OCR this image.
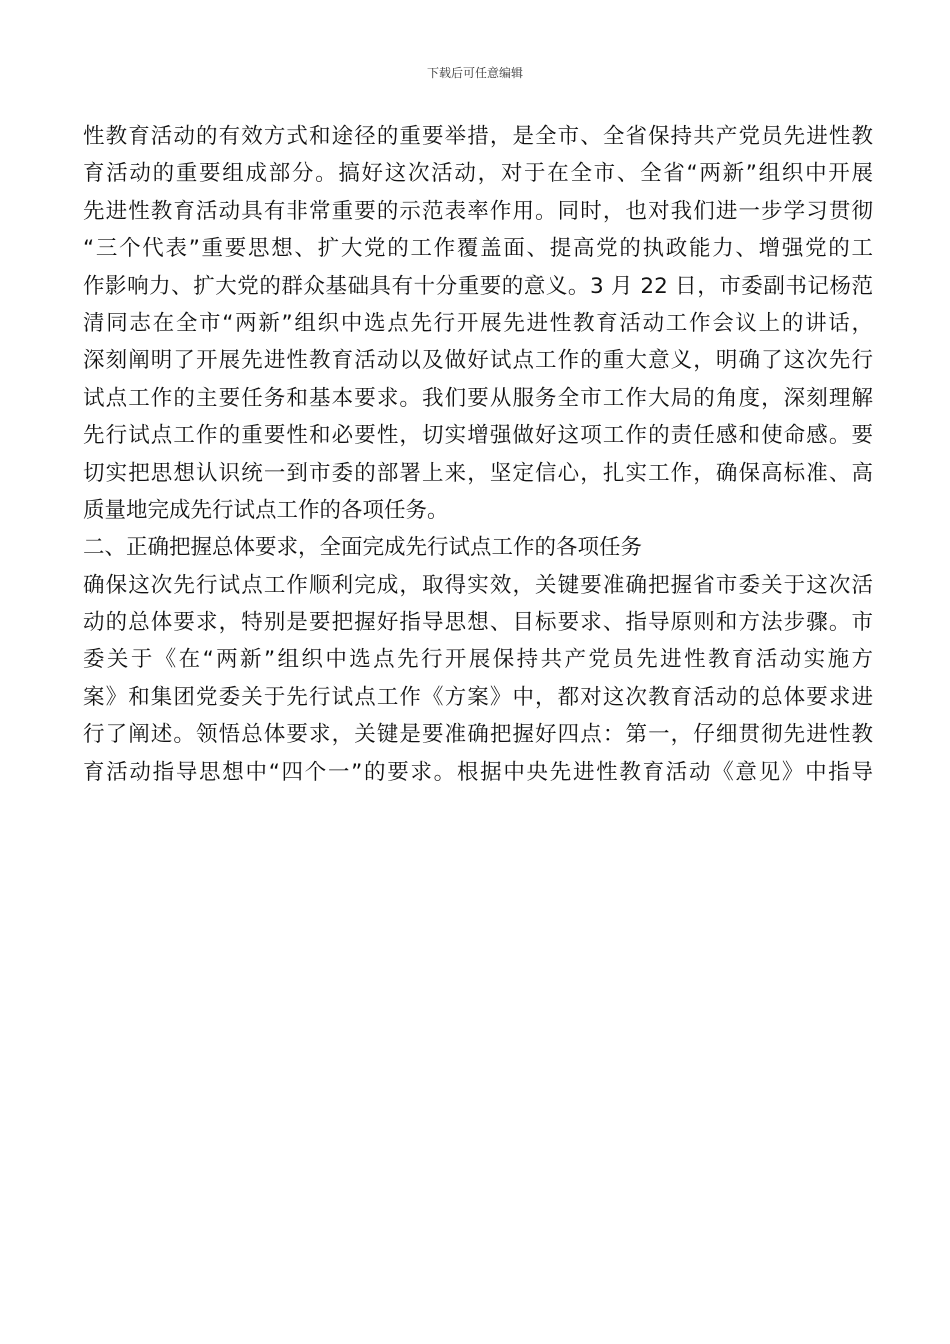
下载后可任意编辑

性教育活动的有效方式和途径的重要举措，是全市、全省保持共产党员先进性教

育活动的重要组成部分。搞好这次活动，对于在全市、全省“两新”组织中开展

先进性教育活动具有非常重要的示范表率作用。同时，也对我们进一步学习贯彻

“三个代表”重要思想、扩大党的工作覆盖面、提高党的执政能力、增强党的工

作影响力、扩大党的群众基础具有十分重要的意义。3 月 22 日，市委副书记杨范

清同志在全市“两新”组织中选点先行开展先进性教育活动工作会议上的讲话，

深刻阐明了开展先进性教育活动以及做好试点工作的重大意义，明确了这次先行

试点工作的主要任务和基本要求。我们要从服务全市工作大局的角度，深刻理解

先行试点工作的重要性和必要性，切实增强做好这项工作的责任感和使命感。要

切实把思想认识统一到市委的部署上来，坚定信心，扎实工作，确保高标准、高

质量地完成先行试点工作的各项任务。

二、正确把握总体要求，全面完成先行试点工作的各项任务

确保这次先行试点工作顺利完成，取得实效，关键要准确把握省市委关于这次活

动的总体要求，特别是要把握好指导思想、目标要求、指导原则和方法步骤。市

委关于《在“两新”组织中选点先行开展保持共产党员先进性教育活动实施方

案》和集团党委关于先行试点工作《方案》中，都对这次教育活动的总体要求进

行了阐述。领悟总体要求，关键是要准确把握好四点：第一，仔细贯彻先进性教

育活动指导思想中“四个一”的要求。根据中央先进性教育活动《意见》中指导
